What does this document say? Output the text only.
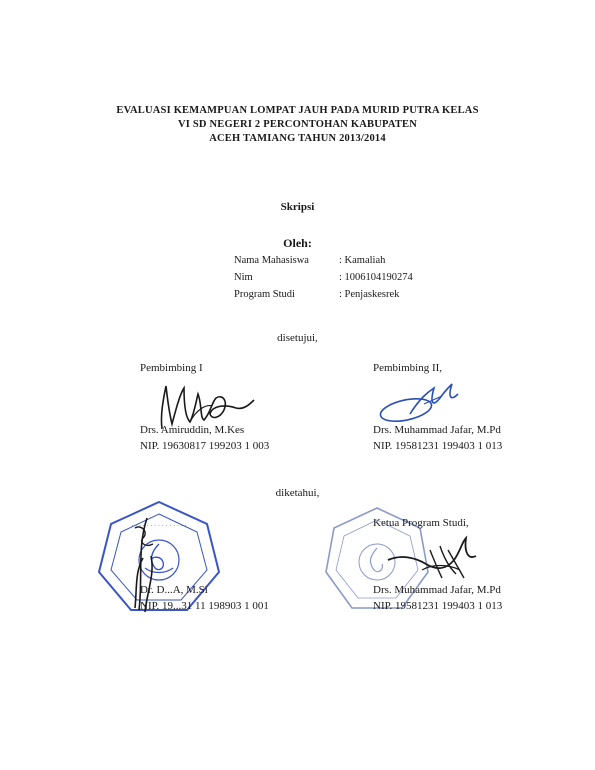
EVALUASI KEMAMPUAN LOMPAT JAUH PADA MURID PUTRA KELAS
VI SD NEGERI 2 PERCONTOHAN KABUPATEN
ACEH TAMIANG TAHUN 2013/2014
Skripsi
Oleh:
Nama Mahasiswa	: Kamaliah
Nim	: 1006104190274
Program Studi	: Penjaskesrek
disetujui,
Pembimbing I
Drs. Amiruddin, M.Kes
NIP. 19630817 199203 1 003
Pembimbing II,
Drs. Muhammad Jafar, M.Pd
NIP. 19581231 199403 1 013
diketahui,
· · · · · · · · · · · · · · ·
Dr. D...A, M.Si
NIP. 19...31 11 198903 1 001
Ketua Program Studi,
Drs. Muhammad Jafar, M.Pd
NIP. 19581231 199403 1 013
